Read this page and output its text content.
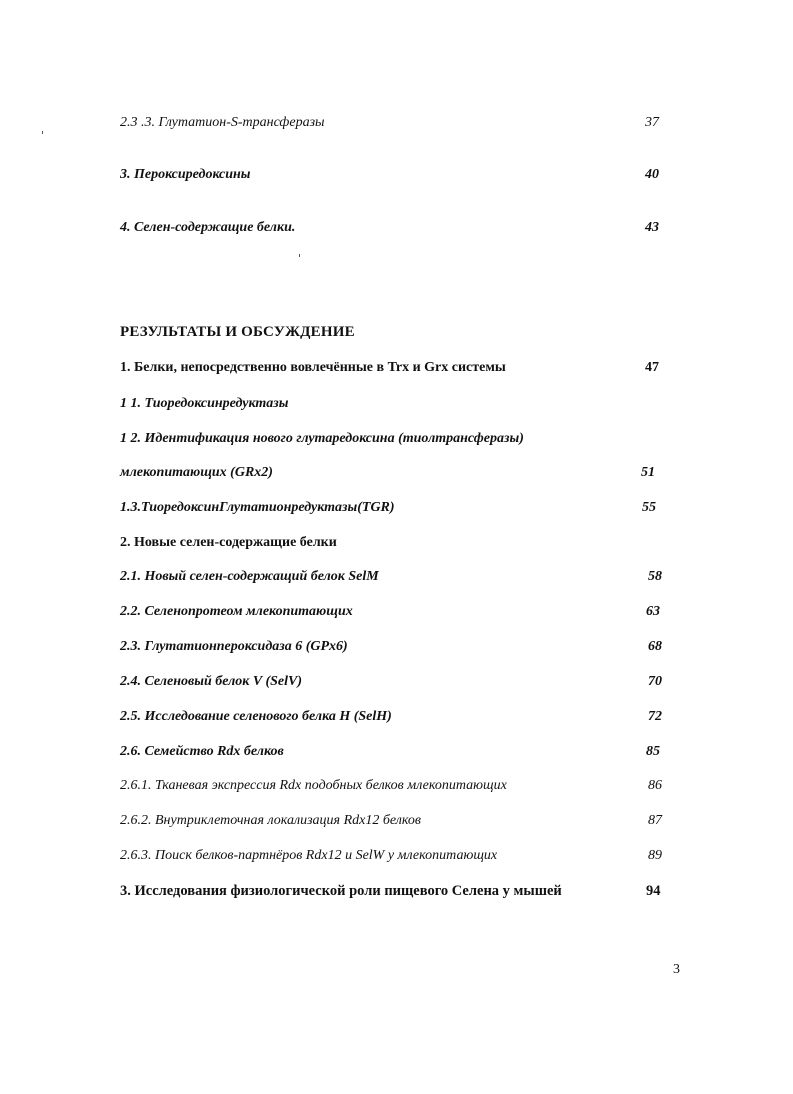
2.3 .3. Глутатион-S-трансферазы	37
3. Пероксиредоксины	40
4. Селен-содержащие белки.	43
РЕЗУЛЬТАТЫ И ОБСУЖДЕНИЕ
1. Белки, непосредственно вовлечённые в Trx и Grx системы	47
1 1. Тиоредоксинредуктазы
1 2. Идентификация нового глутаредоксина (тиолтрансферазы)
млекопитающих (GRx2)	51
1.3.ТиоредоксинГлутатионредуктазы(TGR)	55
2. Новые селен-содержащие белки
2.1. Новый селен-содержащий белок SelM	58
2.2. Селенопротеом млекопитающих	63
2.3. Глутатионпероксидаза 6 (GPx6)	68
2.4. Селеновый белок V (SelV)	70
2.5. Исследование селенового белка H (SelH)	72
2.6. Семейство Rdx белков	85
2.6.1. Тканевая экспрессия Rdx подобных белков млекопитающих	86
2.6.2. Внутриклеточная локализация Rdx12 белков	87
2.6.3. Поиск белков-партнёров Rdx12 и SelW у млекопитающих	89
3. Исследования физиологической роли пищевого Селена у мышей	94
3
